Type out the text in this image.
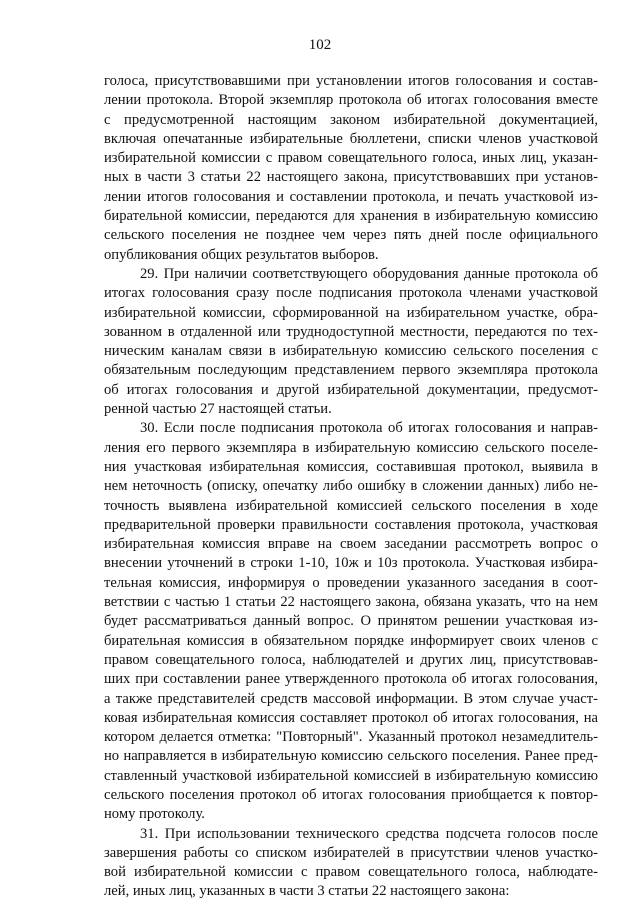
102
голоса, присутствовавшими при установлении итогов голосования и состав-
лении протокола. Второй экземпляр протокола об итогах голосования вместе
с предусмотренной настоящим законом избирательной документацией,
включая опечатанные избирательные бюллетени, списки членов участковой
избирательной комиссии с правом совещательного голоса, иных лиц, указан-
ных в части 3 статьи 22 настоящего закона, присутствовавших при установ-
лении итогов голосования и составлении протокола, и печать участковой из-
бирательной комиссии, передаются для хранения в избирательную комиссию
сельского поселения не позднее чем через пять дней после официального
опубликования общих результатов выборов.
29. При наличии соответствующего оборудования данные протокола об
итогах голосования сразу после подписания протокола членами участковой
избирательной комиссии, сформированной на избирательном участке, обра-
зованном в отдаленной или труднодоступной местности, передаются по тех-
ническим каналам связи в избирательную комиссию сельского поселения с
обязательным последующим представлением первого экземпляра протокола
об итогах голосования и другой избирательной документации, предусмот-
ренной частью 27 настоящей статьи.
30. Если после подписания протокола об итогах голосования и направ-
ления его первого экземпляра в избирательную комиссию сельского поселе-
ния участковая избирательная комиссия, составившая протокол, выявила в
нем неточность (описку, опечатку либо ошибку в сложении данных) либо не-
точность выявлена избирательной комиссией сельского поселения в ходе
предварительной проверки правильности составления протокола, участковая
избирательная комиссия вправе на своем заседании рассмотреть вопрос о
внесении уточнений в строки 1-10, 10ж и 10з протокола. Участковая избира-
тельная комиссия, информируя о проведении указанного заседания в соот-
ветствии с частью 1 статьи 22 настоящего закона, обязана указать, что на нем
будет рассматриваться данный вопрос. О принятом решении участковая из-
бирательная комиссия в обязательном порядке информирует своих членов с
правом совещательного голоса, наблюдателей и других лиц, присутствовав-
ших при составлении ранее утвержденного протокола об итогах голосования,
а также представителей средств массовой информации. В этом случае участ-
ковая избирательная комиссия составляет протокол об итогах голосования, на
котором делается отметка: "Повторный". Указанный протокол незамедлитель-
но направляется в избирательную комиссию сельского поселения. Ранее пред-
ставленный участковой избирательной комиссией в избирательную комиссию
сельского поселения протокол об итогах голосования приобщается к повтор-
ному протоколу.
31. При использовании технического средства подсчета голосов после
завершения работы со списком избирателей в присутствии членов участко-
вой избирательной комиссии с правом совещательного голоса, наблюдате-
лей, иных лиц, указанных в части 3 статьи 22 настоящего закона:
